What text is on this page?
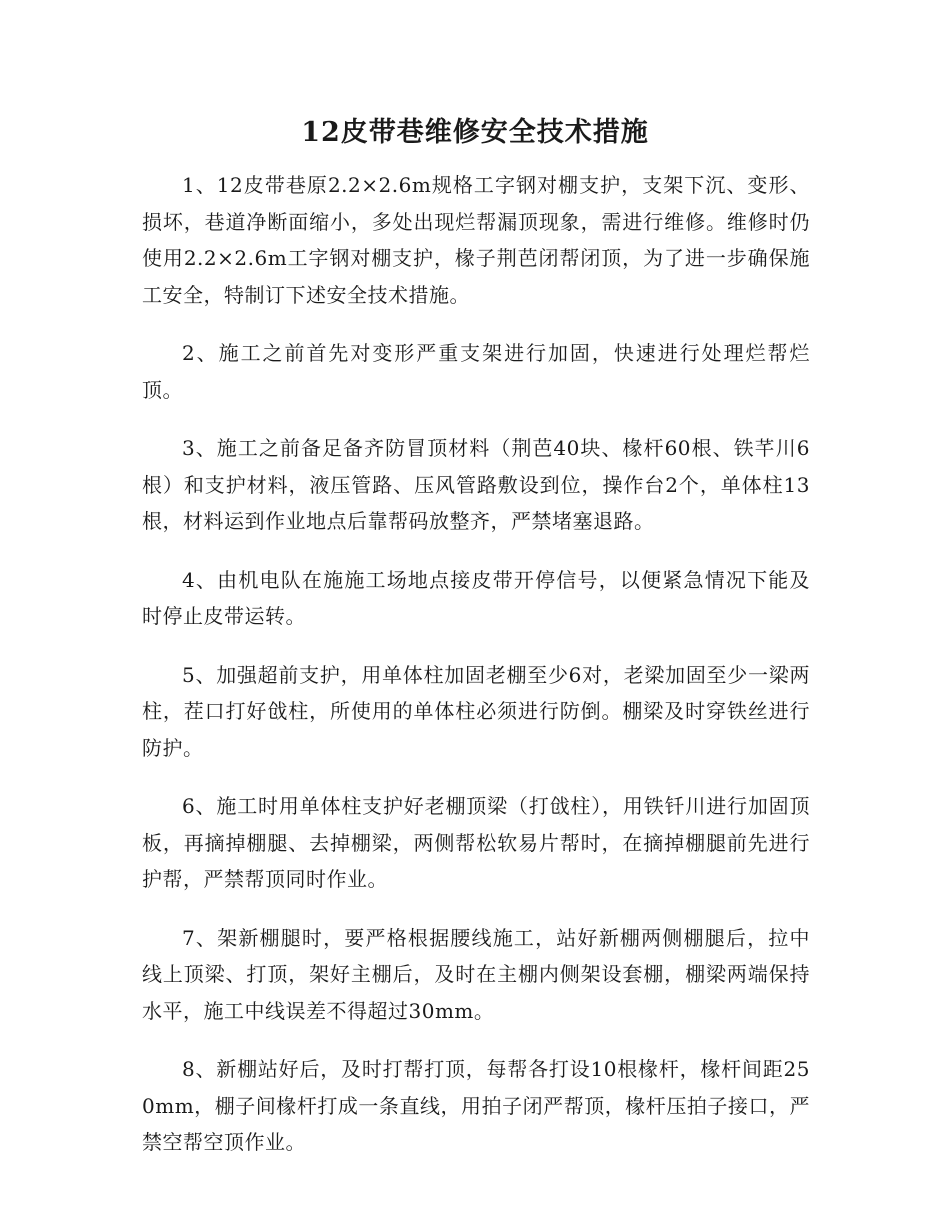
12皮带巷维修安全技术措施

1、12皮带巷原2.2×2.6m规格工字钢对棚支护，支架下沉、变形、损坏，巷道净断面缩小，多处出现烂帮漏顶现象，需进行维修。维修时仍使用2.2×2.6m工字钢对棚支护，椽子荆芭闭帮闭顶，为了进一步确保施工安全，特制订下述安全技术措施。

2、施工之前首先对变形严重支架进行加固，快速进行处理烂帮烂顶。

3、施工之前备足备齐防冒顶材料（荆芭40块、椽杆60根、铁芊川6根）和支护材料，液压管路、压风管路敷设到位，操作台2个，单体柱13根，材料运到作业地点后靠帮码放整齐，严禁堵塞退路。

4、由机电队在施施工场地点接皮带开停信号，以便紧急情况下能及时停止皮带运转。

5、加强超前支护，用单体柱加固老棚至少6对，老梁加固至少一梁两柱，茬口打好戗柱，所使用的单体柱必须进行防倒。棚梁及时穿铁丝进行防护。

6、施工时用单体柱支护好老棚顶梁（打戗柱），用铁钎川进行加固顶板，再摘掉棚腿、去掉棚梁，两侧帮松软易片帮时，在摘掉棚腿前先进行护帮，严禁帮顶同时作业。

7、架新棚腿时，要严格根据腰线施工，站好新棚两侧棚腿后，拉中线上顶梁、打顶，架好主棚后，及时在主棚内侧架设套棚，棚梁两端保持水平，施工中线误差不得超过30mm。

8、新棚站好后，及时打帮打顶，每帮各打设10根椽杆，椽杆间距250mm，棚子间椽杆打成一条直线，用拍子闭严帮顶，椽杆压拍子接口，严禁空帮空顶作业。
